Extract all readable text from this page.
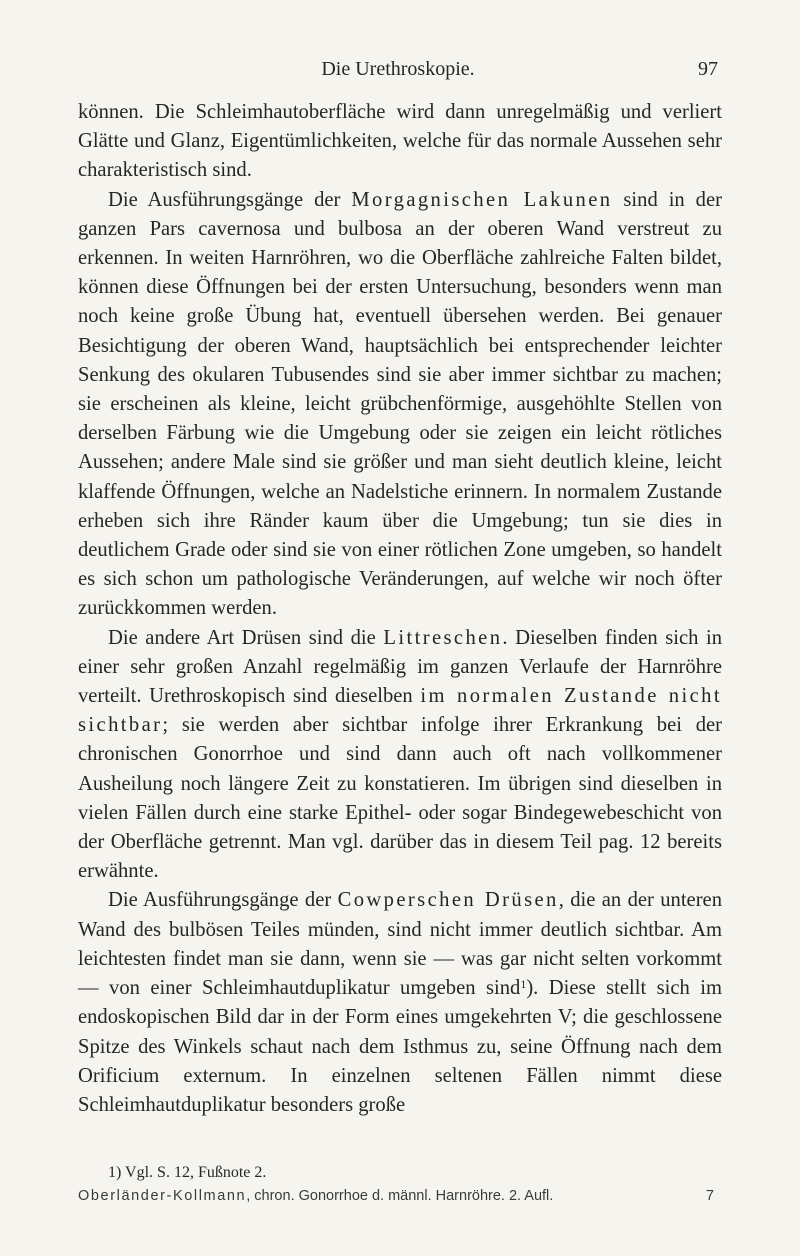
Die Urethroskopie.	97

können. Die Schleimhautoberfläche wird dann unregelmäßig und verliert Glätte und Glanz, Eigentümlichkeiten, welche für das normale Aussehen sehr charakteristisch sind.

Die Ausführungsgänge der Morgagnischen Lakunen sind in der ganzen Pars cavernosa und bulbosa an der oberen Wand verstreut zu erkennen. In weiten Harnröhren, wo die Oberfläche zahlreiche Falten bildet, können diese Öffnungen bei der ersten Untersuchung, besonders wenn man noch keine große Übung hat, eventuell übersehen werden. Bei genauer Besichtigung der oberen Wand, hauptsächlich bei entsprechender leichter Senkung des okularen Tubusendes sind sie aber immer sichtbar zu machen; sie erscheinen als kleine, leicht grübchenförmige, ausgehöhlte Stellen von derselben Färbung wie die Umgebung oder sie zeigen ein leicht rötliches Aussehen; andere Male sind sie größer und man sieht deutlich kleine, leicht klaffende Öffnungen, welche an Nadelstiche erinnern. In normalem Zustande erheben sich ihre Ränder kaum über die Umgebung; tun sie dies in deutlichem Grade oder sind sie von einer rötlichen Zone umgeben, so handelt es sich schon um pathologische Veränderungen, auf welche wir noch öfter zurückkommen werden.

Die andere Art Drüsen sind die Littreschen. Dieselben finden sich in einer sehr großen Anzahl regelmäßig im ganzen Verlaufe der Harnröhre verteilt. Urethroskopisch sind dieselben im normalen Zustande nicht sichtbar; sie werden aber sichtbar infolge ihrer Erkrankung bei der chronischen Gonorrhoe und sind dann auch oft nach vollkommener Ausheilung noch längere Zeit zu konstatieren. Im übrigen sind dieselben in vielen Fällen durch eine starke Epithel- oder sogar Bindegewebeschicht von der Oberfläche getrennt. Man vgl. darüber das in diesem Teil pag. 12 bereits erwähnte.

Die Ausführungsgänge der Cowperschen Drüsen, die an der unteren Wand des bulbösen Teiles münden, sind nicht immer deutlich sichtbar. Am leichtesten findet man sie dann, wenn sie — was gar nicht selten vorkommt — von einer Schleimhautduplikatur umgeben sind$^1$). Diese stellt sich im endoskopischen Bild dar in der Form eines umgekehrten V; die geschlossene Spitze des Winkels schaut nach dem Isthmus zu, seine Öffnung nach dem Orificium externum. In einzelnen seltenen Fällen nimmt diese Schleimhautduplikatur besonders große

1) Vgl. S. 12, Fußnote 2.
Oberländer-Kollmann, chron. Gonorrhoe d. männl. Harnröhre. 2. Aufl.	7
